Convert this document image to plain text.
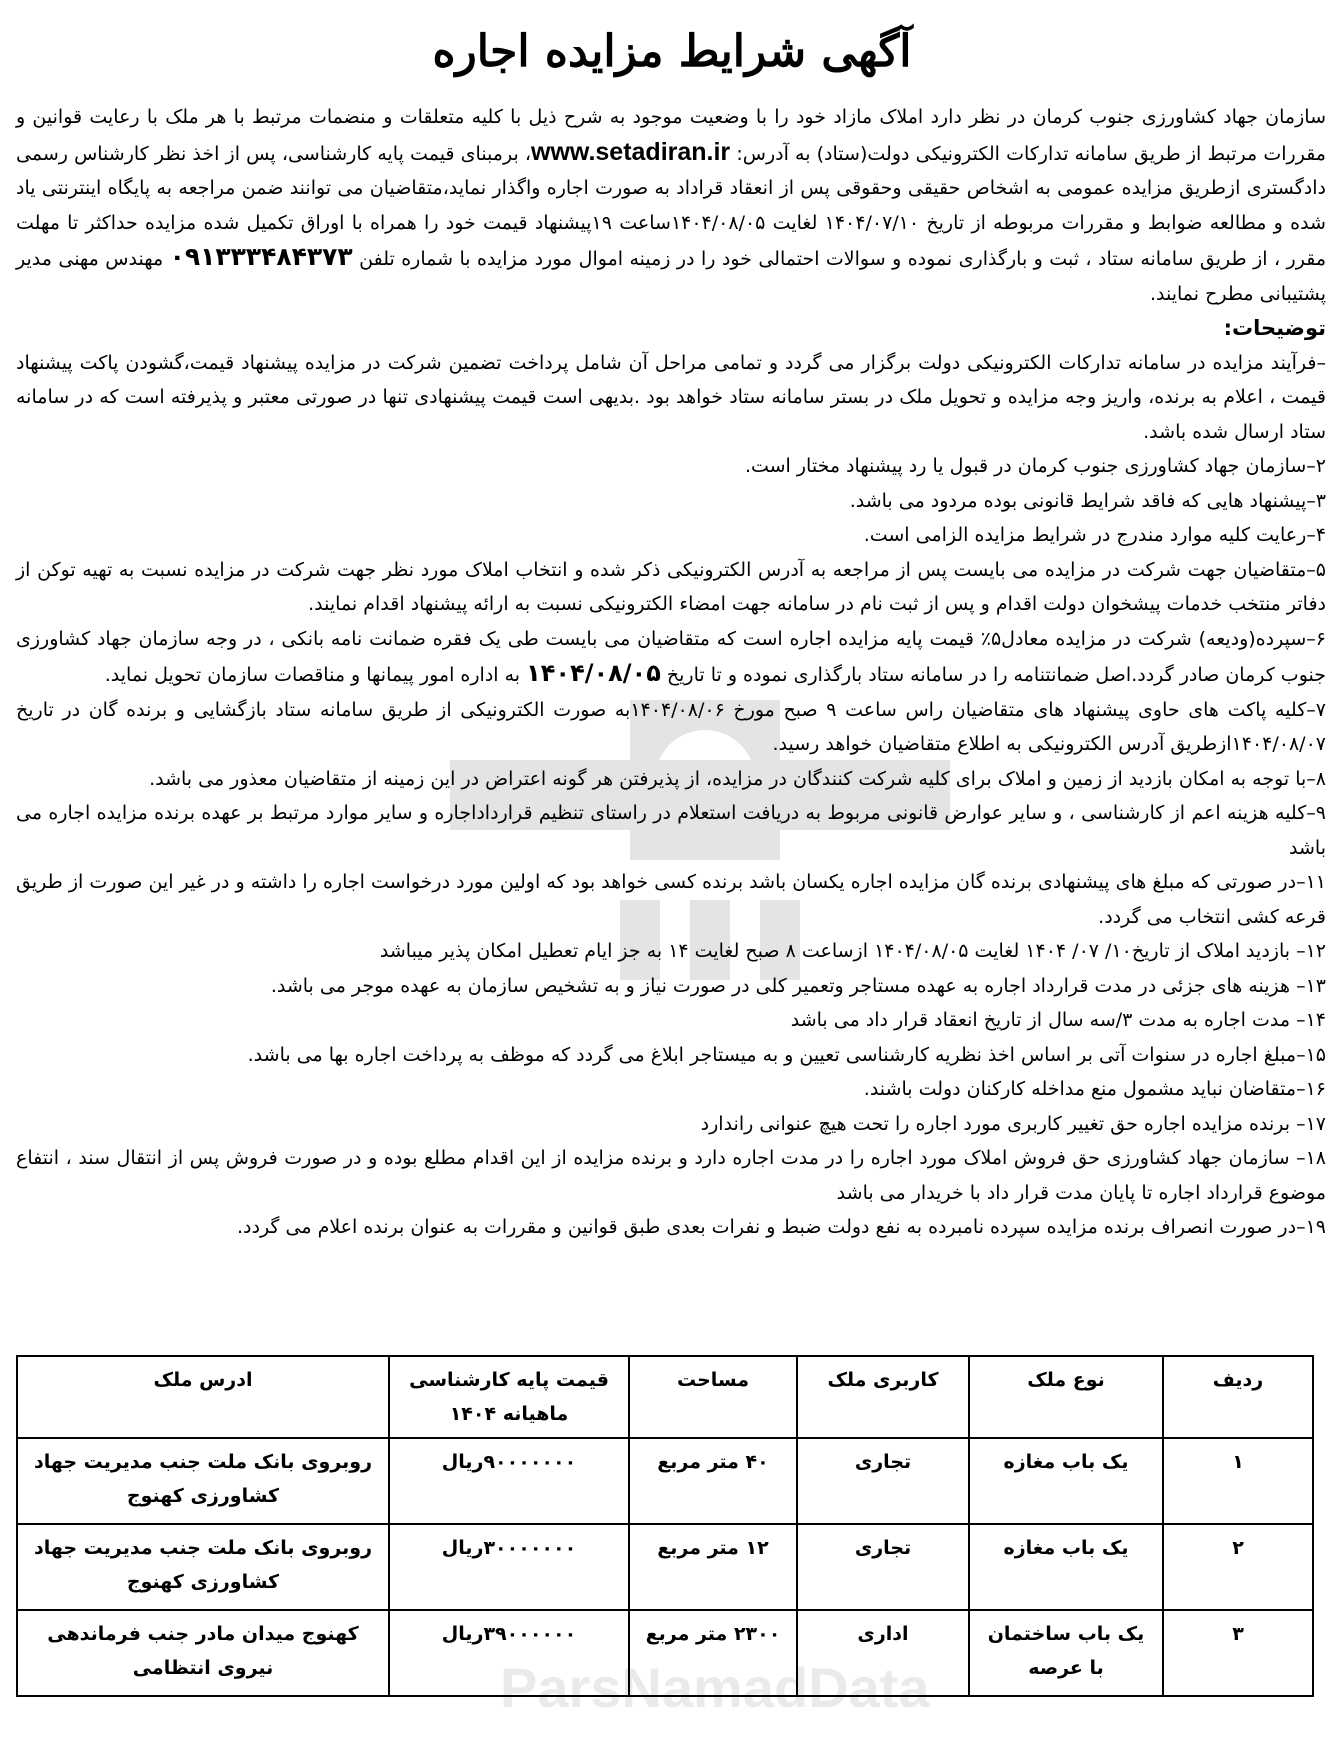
آگهی شرایط مزایده اجاره

سازمان جهاد کشاورزی جنوب کرمان در نظر دارد املاک مازاد خود را با وضعیت موجود به شرح ذیل با کلیه متعلقات و منضمات مرتبط با هر ملک با رعایت قوانین و مقررات مرتبط از طریق سامانه تدارکات الکترونیکی دولت(ستاد) به آدرس: www.setadiran.ir، برمبنای قیمت پایه کارشناسی، پس از اخذ نظر کارشناس رسمی دادگستری ازطریق مزایده عمومی به اشخاص حقیقی وحقوقی پس از انعقاد قراداد به صورت اجاره واگذار نماید،متقاضیان می توانند ضمن مراجعه به پایگاه اینترنتی یاد شده و مطالعه ضوابط و مقررات مربوطه از تاریخ ۱۴۰۴/۰۷/۱۰ لغایت ۱۴۰۴/۰۸/۰۵ساعت ۱۹پیشنهاد قیمت خود را همراه با اوراق تکمیل شده مزایده حداکثر تا مهلت مقرر ، از طریق سامانه ستاد ، ثبت و بارگذاری نموده و سوالات احتمالی خود را در زمینه اموال مورد مزایده با شماره تلفن ۰۹۱۳۳۳۴۸۴۳۷۳ مهندس مهنی مدیر پشتیبانی مطرح نمایند.

توضیحات:

–فرآیند مزایده در سامانه تدارکات الکترونیکی دولت برگزار می گردد و تمامی مراحل آن شامل پرداخت تضمین شرکت در مزایده پیشنهاد قیمت،گشودن پاکت پیشنهاد قیمت ، اعلام به برنده، واریز وجه مزایده و تحویل ملک در بستر سامانه ستاد خواهد بود .بدیهی است قیمت پیشنهادی تنها در صورتی معتبر و پذیرفته است که در سامانه ستاد ارسال شده باشد.

۲–سازمان جهاد کشاورزی جنوب کرمان در قبول یا رد پیشنهاد مختار است.

۳–پیشنهاد هایی که فاقد شرایط قانونی بوده مردود می باشد.

۴–رعایت کلیه موارد مندرج در شرایط مزایده الزامی است.

۵–متقاضیان جهت شرکت در مزایده می بایست پس از مراجعه به آدرس الکترونیکی ذکر شده و انتخاب املاک مورد نظر جهت شرکت در مزایده نسبت به تهیه توکن از دفاتر منتخب خدمات پیشخوان دولت اقدام و پس از ثبت نام در سامانه جهت امضاء الکترونیکی نسبت به ارائه پیشنهاد اقدام نمایند.

۶–سپرده(ودیعه) شرکت در مزایده معادل۵٪ قیمت پایه مزایده اجاره است که متقاضیان می بایست طی یک فقره ضمانت نامه بانکی ، در وجه سازمان جهاد کشاورزی جنوب کرمان صادر گردد.اصل ضمانتنامه را در سامانه ستاد بارگذاری نموده و تا تاریخ ۱۴۰۴/۰۸/۰۵ به اداره امور پیمانها و مناقصات سازمان تحویل نماید.

۷–کلیه پاکت های حاوی پیشنهاد های متقاضیان راس ساعت ۹ صبح مورخ ۱۴۰۴/۰۸/۰۶به صورت الکترونیکی از طریق سامانه ستاد بازگشایی و برنده گان در تاریخ ۱۴۰۴/۰۸/۰۷ازطریق آدرس الکترونیکی به اطلاع متقاضیان خواهد رسید.

۸–با توجه به امکان بازدید از زمین و املاک برای کلیه شرکت کنندگان در مزایده، از پذیرفتن هر گونه اعتراض در این زمینه از متقاضیان معذور می باشد.

۹–کلیه هزینه اعم از کارشناسی ، و سایر عوارض قانونی مربوط به دریافت استعلام در راستای تنظیم قرارداداجاره و سایر موارد مرتبط بر عهده برنده مزایده اجاره می باشد

۱۱–در صورتی که مبلغ های پیشنهادی برنده گان مزایده اجاره یکسان باشد برنده کسی خواهد بود که اولین مورد درخواست اجاره را داشته و در غیر این صورت از طریق قرعه کشی انتخاب می گردد.

۱۲– بازدید املاک از تاریخ۱۰/ ۰۷/ ۱۴۰۴ لغایت ۱۴۰۴/۰۸/۰۵ ازساعت ۸ صبح لغایت ۱۴ به جز ایام تعطیل امکان پذیر میباشد

۱۳– هزینه های جزئی در مدت قرارداد اجاره به عهده مستاجر وتعمیر کلی در صورت نیاز و به تشخیص سازمان به عهده موجر می باشد.

۱۴– مدت اجاره به مدت ۳/سه سال از تاریخ انعقاد قرار داد می باشد

۱۵–مبلغ اجاره در سنوات آتی بر اساس اخذ نظریه کارشناسی تعیین و به میستاجر ابلاغ می گردد که موظف به پرداخت اجاره بها می باشد.

۱۶–متقاضان نباید مشمول منع مداخله کارکنان دولت باشند.

۱۷– برنده مزایده اجاره حق تغییر کاربری مورد اجاره را تحت هیچ عنوانی راندارد

۱۸– سازمان جهاد کشاورزی حق فروش املاک مورد اجاره را در مدت اجاره دارد و برنده مزایده از این اقدام مطلع بوده و در صورت فروش پس از انتقال سند ، انتفاع موضوع قرارداد اجاره تا پایان مدت قرار داد با خریدار می باشد

۱۹–در صورت انصراف برنده مزایده سپرده نامبرده به نفع دولت ضبط و نفرات بعدی طبق قوانین و مقررات به عنوان برنده اعلام می گردد.

ردیف	نوع ملک	کاربری ملک	مساحت	قیمت پایه کارشناسی ماهیانه ۱۴۰۴	ادرس ملک
۱	یک باب مغازه	تجاری	۴۰ متر مربع	۹۰۰۰۰۰۰۰ریال	روبروی بانک ملت جنب مدیریت جهاد کشاورزی کهنوج
۲	یک باب مغازه	تجاری	۱۲ متر مربع	۳۰۰۰۰۰۰۰ریال	روبروی بانک ملت جنب مدیریت جهاد کشاورزی کهنوج
۳	یک باب ساختمان با عرصه	اداری	۲۳۰۰ متر مربع	۳۹۰۰۰۰۰۰ریال	کهنوج میدان مادر جنب فرماندهی نیروی انتظامی	ParsNamadData
